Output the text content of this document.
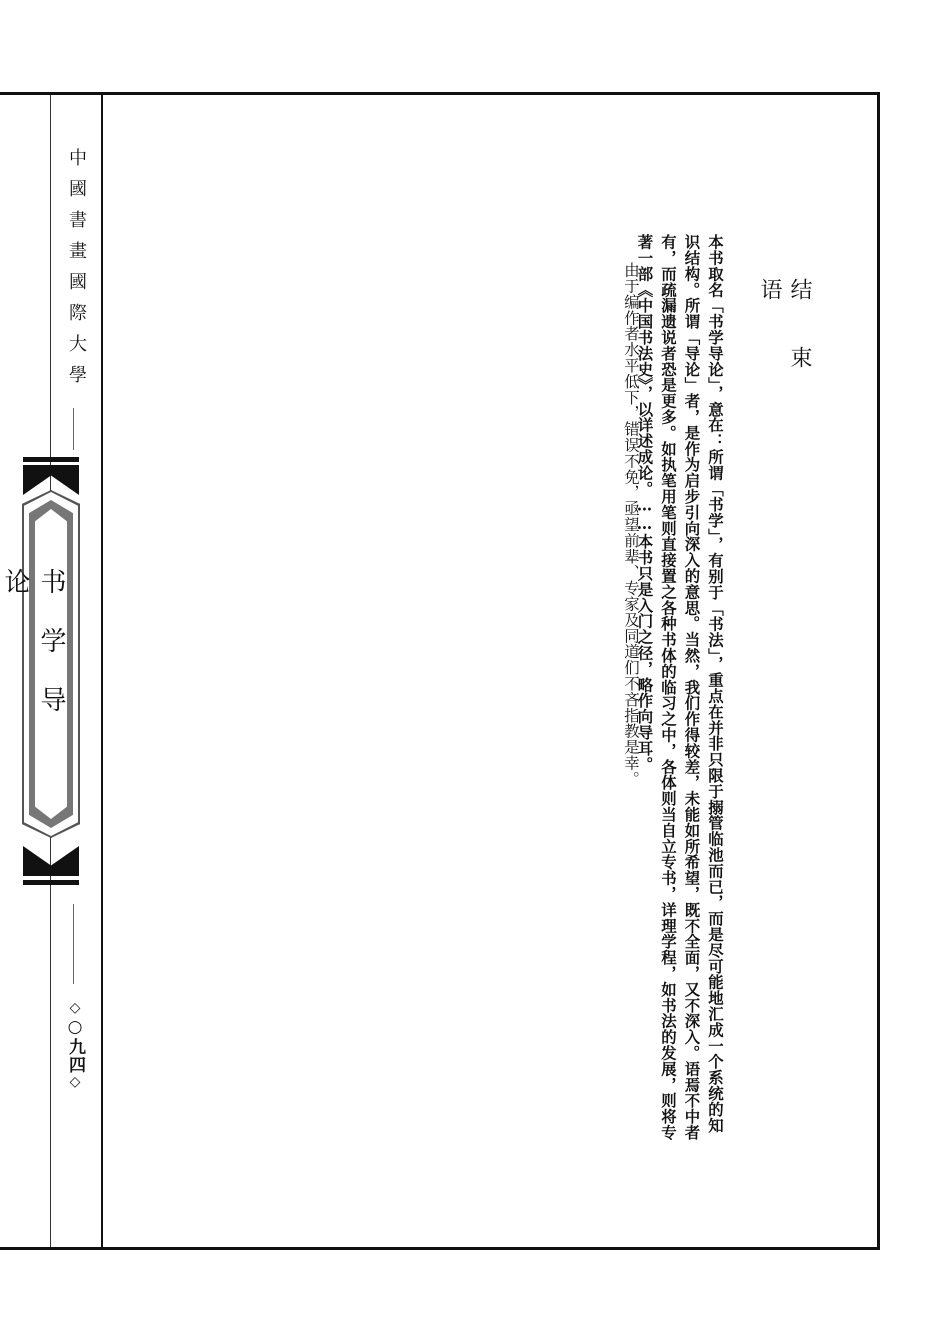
中國書畫國際大學
书学导论
◇○九四◇
结束语
本书取名「书学导论」，意在：所谓「书学」，有别于「书法」，重点在并非只限于搦管临池而已，而是尽可能地汇成一个系统的知识结构。所谓「导论」者，是作为启步引向深入的意思。当然，我们作得较差，未能如所希望，既不全面，又不深入。语焉不中者有，而疏漏遗说者恐是更多。如执笔用笔则直接置之各种书体的临习之中，各体则当自立专书，详理学程，如书法的发展，则将专著一部《中国书法史》，以详述成论。……本书只是入门之径，略作向导耳。
由于编作者水平低下，错误不免，亟望前辈、专家及同道们不吝指教是幸。
